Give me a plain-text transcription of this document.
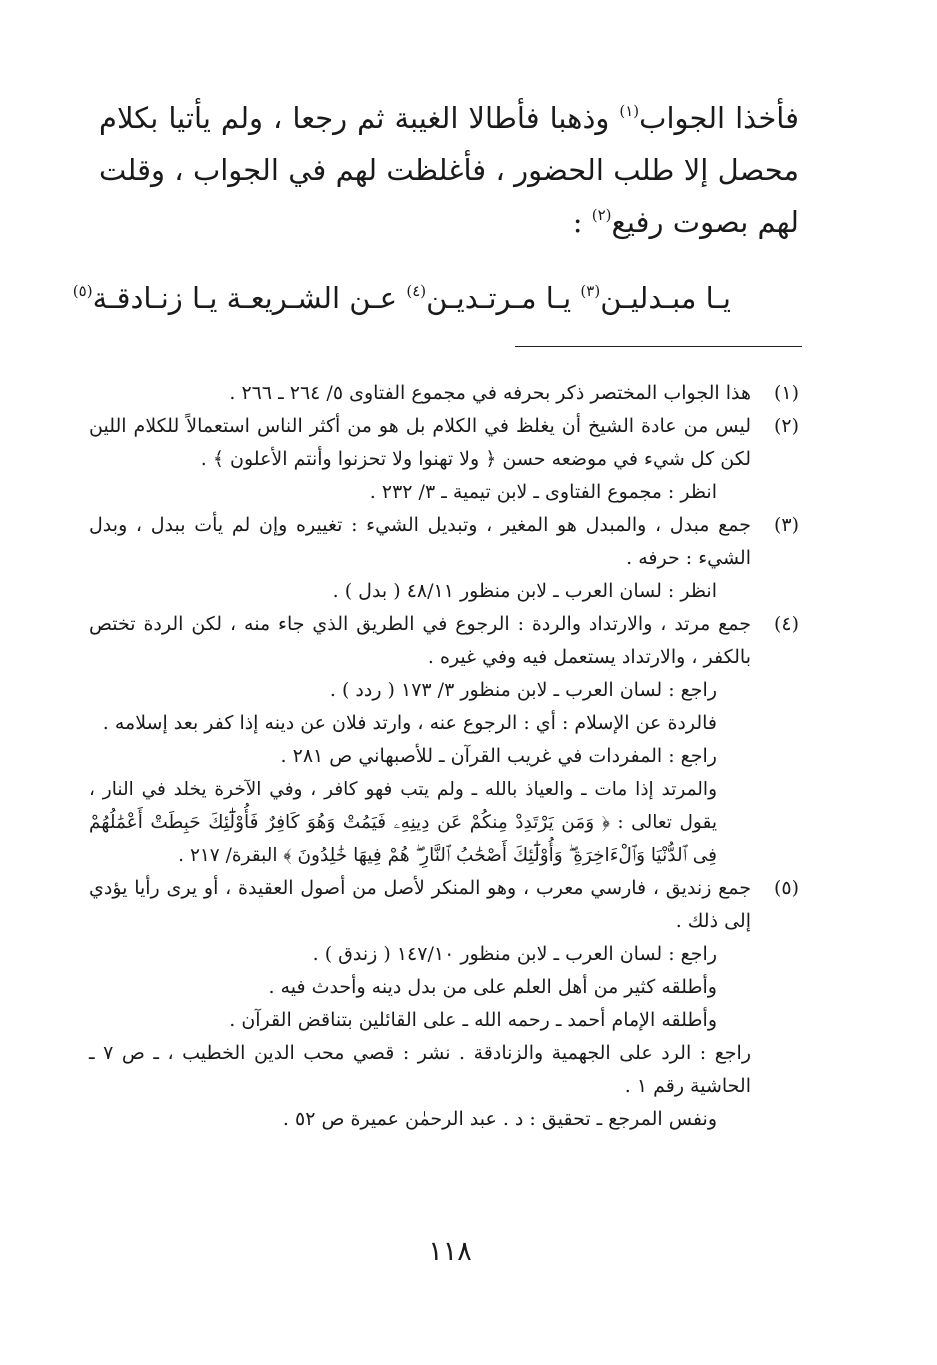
فأخذا الجواب$^{(١)}$ وذهبا فأطالا الغيبة ثم رجعا ، ولم يأتيا بكلام محصل إلا طلب الحضور ، فأغلظت لهم في الجواب ، وقلت لهم بصوت رفيع$^{(٢)}$ :

يـا مبـدليـن$^{(٣)}$ يـا مـرتـديـن$^{(٤)}$ عـن الشـريعـة يـا زنـادقـة$^{(٥)}$
(١)

هذا الجواب المختصر ذكر بحرفه في مجموع الفتاوى ٥/ ٢٦٤ ـ ٢٦٦ .

(٢)

ليس من عادة الشيخ أن يغلظ في الكلام بل هو من أكثر الناس استعمالاً للكلام اللين لكن كل شيء في موضعه حسن ﴿ ولا تهنوا ولا تحزنوا وأنتم الأعلون ﴾ .

انظر : مجموع الفتاوى ـ لابن تيمية ـ ٣/ ٢٣٢ .

(٣)

جمع مبدل ، والمبدل هو المغير ، وتبديل الشيء : تغييره وإن لم يأت ببدل ، وبدل الشيء : حرفه .

انظر : لسان العرب ـ لابن منظور ٤٨/١١ ( بدل ) .

(٤)

جمع مرتد ، والارتداد والردة : الرجوع في الطريق الذي جاء منه ، لكن الردة تختص بالكفر ، والارتداد يستعمل فيه وفي غيره .

راجع : لسان العرب ـ لابن منظور ٣/ ١٧٣ ( ردد ) .

فالردة عن الإسلام : أي : الرجوع عنه ، وارتد فلان عن دينه إذا كفر بعد إسلامه .

راجع : المفردات في غريب القرآن ـ للأصبهاني ص ٢٨١ .

والمرتد إذا مات ـ والعياذ بالله ـ ولم يتب فهو كافر ، وفي الآخرة يخلد في النار ، يقول تعالى : ﴿ وَمَن يَرْتَدِدْ مِنكُمْ عَن دِينِهِۦ فَيَمُتْ وَهُوَ كَافِرٌ فَأُوْلَٰٓئِكَ حَبِطَتْ أَعْمَٰلُهُمْ فِى ٱلدُّنْيَا وَٱلْءَاخِرَةِ ۖ وَأُوْلَٰٓئِكَ أَصْحَٰبُ ٱلنَّارِ ۖ هُمْ فِيهَا خَٰلِدُونَ ﴾ البقرة/ ٢١٧ .

(٥)

جمع زنديق ، فارسي معرب ، وهو المنكر لأصل من أصول العقيدة ، أو يرى رأيا يؤدي إلى ذلك .

راجع : لسان العرب ـ لابن منظور ١٤٧/١٠ ( زندق ) .

وأطلقه كثير من أهل العلم على من بدل دينه وأحدث فيه .

وأطلقه الإمام أحمد ـ رحمه الله ـ على القائلين بتناقض القرآن .

راجع : الرد على الجهمية والزنادقة . نشر : قصي محب الدين الخطيب ، ـ ص ٧ ـ الحاشية رقم ١ .

ونفس المرجع ـ تحقيق : د . عبد الرحمٰن عميرة ص ٥٢ .

١١٨
